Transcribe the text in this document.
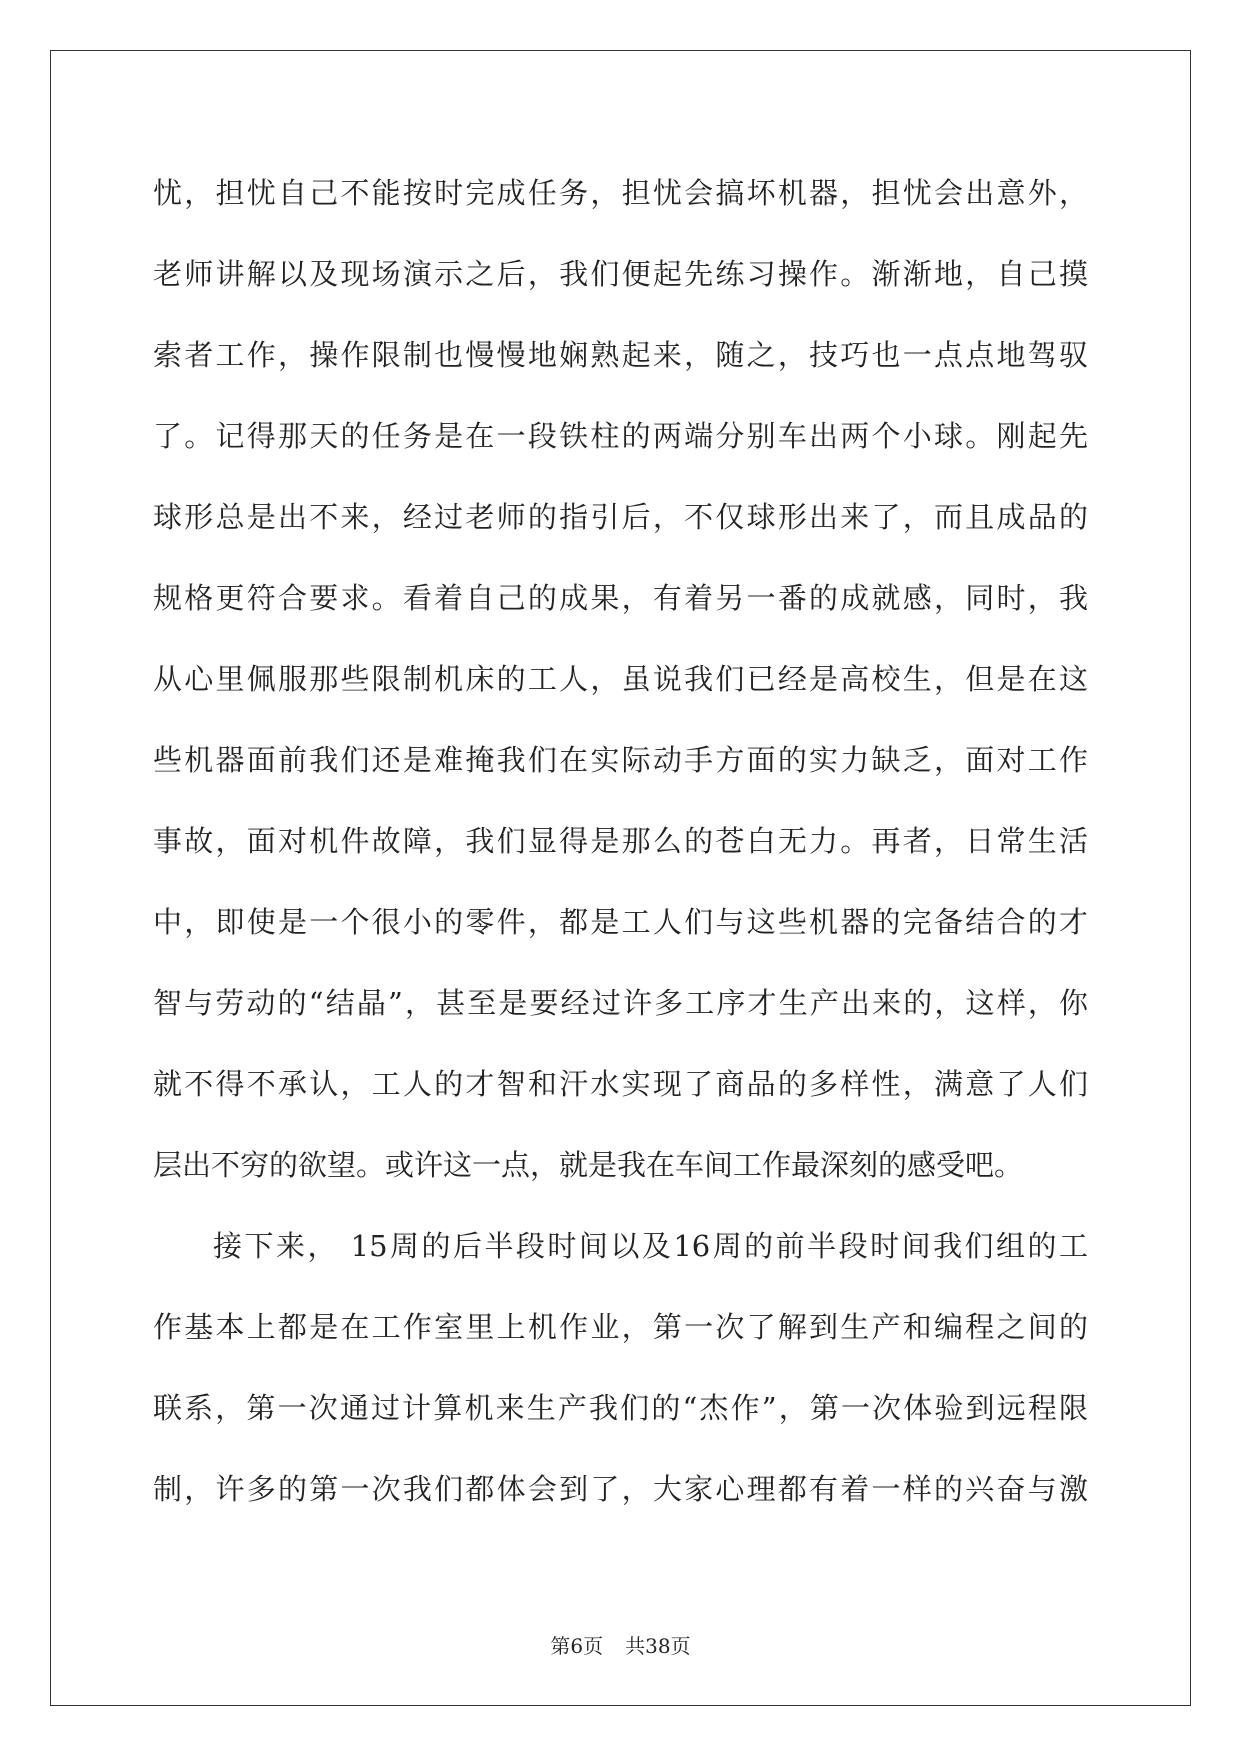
忧，担忧自己不能按时完成任务，担忧会搞坏机器，担忧会出意外，
老师讲解以及现场演示之后，我们便起先练习操作。渐渐地，自己摸
索者工作，操作限制也慢慢地娴熟起来，随之，技巧也一点点地驾驭
了。记得那天的任务是在一段铁柱的两端分别车出两个小球。刚起先
球形总是出不来，经过老师的指引后，不仅球形出来了，而且成品的
规格更符合要求。看着自己的成果，有着另一番的成就感，同时，我
从心里佩服那些限制机床的工人，虽说我们已经是高校生，但是在这
些机器面前我们还是难掩我们在实际动手方面的实力缺乏，面对工作
事故，面对机件故障，我们显得是那么的苍白无力。再者，日常生活
中，即使是一个很小的零件，都是工人们与这些机器的完备结合的才
智与劳动的“结晶”，甚至是要经过许多工序才生产出来的，这样，你
就不得不承认，工人的才智和汗水实现了商品的多样性，满意了人们
层出不穷的欲望。或许这一点，就是我在车间工作最深刻的感受吧。
接下来， 15周的后半段时间以及16周的前半段时间我们组的工
作基本上都是在工作室里上机作业，第一次了解到生产和编程之间的
联系，第一次通过计算机来生产我们的“杰作”，第一次体验到远程限
制，许多的第一次我们都体会到了，大家心理都有着一样的兴奋与激
第6页 共38页
